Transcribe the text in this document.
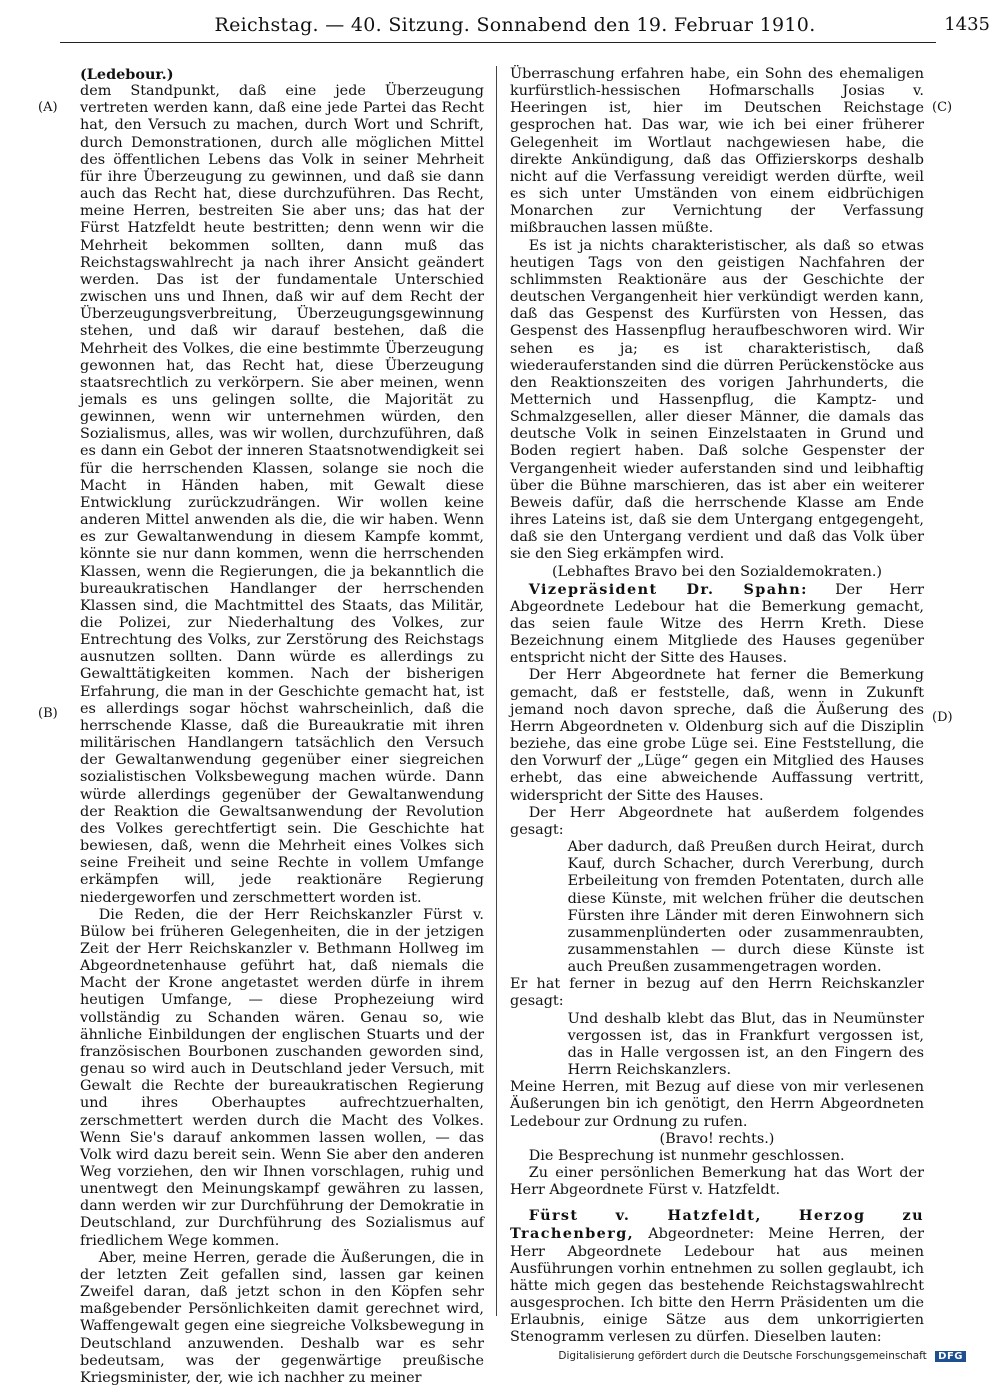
Reichstag. — 40. Sitzung. Sonnabend den 19. Februar 1910.	1435
(A)
(B)
(C)
(D)

(Ledebour.)

dem Standpunkt, daß eine jede Überzeugung vertreten werden kann, daß eine jede Partei das Recht hat, den Versuch zu machen, durch Wort und Schrift, durch Demonstrationen, durch alle möglichen Mittel des öffentlichen Lebens das Volk in seiner Mehrheit für ihre Überzeugung zu gewinnen, und daß sie dann auch das Recht hat, diese durchzuführen. Das Recht, meine Herren, bestreiten Sie aber uns; das hat der Fürst Hatzfeldt heute bestritten; denn wenn wir die Mehrheit bekommen sollten, dann muß das Reichstagswahlrecht ja nach ihrer Ansicht geändert werden. Das ist der fundamentale Unterschied zwischen uns und Ihnen, daß wir auf dem Recht der Überzeugungsverbreitung, Überzeugungsgewinnung stehen, und daß wir darauf bestehen, daß die Mehrheit des Volkes, die eine bestimmte Überzeugung gewonnen hat, das Recht hat, diese Überzeugung staatsrechtlich zu verkörpern. Sie aber meinen, wenn jemals es uns gelingen sollte, die Majorität zu gewinnen, wenn wir unternehmen würden, den Sozialismus, alles, was wir wollen, durchzuführen, daß es dann ein Gebot der inneren Staatsnotwendigkeit sei für die herrschenden Klassen, solange sie noch die Macht in Händen haben, mit Gewalt diese Entwicklung zurückzudrängen. Wir wollen keine anderen Mittel anwenden als die, die wir haben. Wenn es zur Gewaltanwendung in diesem Kampfe kommt, könnte sie nur dann kommen, wenn die herrschenden Klassen, wenn die Regierungen, die ja bekanntlich die bureaukratischen Handlanger der herrschenden Klassen sind, die Machtmittel des Staats, das Militär, die Polizei, zur Niederhaltung des Volkes, zur Entrechtung des Volks, zur Zerstörung des Reichstags ausnutzen sollten. Dann würde es allerdings zu Gewalttätigkeiten kommen. Nach der bisherigen Erfahrung, die man in der Geschichte gemacht hat, ist es allerdings sogar höchst wahrscheinlich, daß die herrschende Klasse, daß die Bureaukratie mit ihren militärischen Handlangern tatsächlich den Versuch der Gewaltanwendung gegenüber einer siegreichen sozialistischen Volksbewegung machen würde. Dann würde allerdings gegenüber der Gewaltanwendung der Reaktion die Gewaltsanwendung der Revolution des Volkes gerechtfertigt sein. Die Geschichte hat bewiesen, daß, wenn die Mehrheit eines Volkes sich seine Freiheit und seine Rechte in vollem Umfange erkämpfen will, jede reaktionäre Regierung niedergeworfen und zerschmettert worden ist.

Die Reden, die der Herr Reichskanzler Fürst v. Bülow bei früheren Gelegenheiten, die in der jetzigen Zeit der Herr Reichskanzler v. Bethmann Hollweg im Abgeordnetenhause geführt hat, daß niemals die Macht der Krone angetastet werden dürfe in ihrem heutigen Umfange, — diese Prophezeiung wird vollständig zu Schanden wären. Genau so, wie ähnliche Einbildungen der englischen Stuarts und der französischen Bourbonen zuschanden geworden sind, genau so wird auch in Deutschland jeder Versuch, mit Gewalt die Rechte der bureaukratischen Regierung und ihres Oberhauptes aufrechtzuerhalten, zerschmettert werden durch die Macht des Volkes. Wenn Sie's darauf ankommen lassen wollen, — das Volk wird dazu bereit sein. Wenn Sie aber den anderen Weg vorziehen, den wir Ihnen vorschlagen, ruhig und unentwegt den Meinungskampf gewähren zu lassen, dann werden wir zur Durchführung der Demokratie in Deutschland, zur Durchführung des Sozialismus auf friedlichem Wege kommen.

Aber, meine Herren, gerade die Äußerungen, die in der letzten Zeit gefallen sind, lassen gar keinen Zweifel daran, daß jetzt schon in den Köpfen sehr maßgebender Persönlichkeiten damit gerechnet wird, Waffengewalt gegen eine siegreiche Volksbewegung in Deutschland anzuwenden. Deshalb war es sehr bedeutsam, was der gegenwärtige preußische Kriegsminister, der, wie ich nachher zu meiner

Überraschung erfahren habe, ein Sohn des ehemaligen kurfürstlich-hessischen Hofmarschalls Josias v. Heeringen ist, hier im Deutschen Reichstage gesprochen hat. Das war, wie ich bei einer früherer Gelegenheit im Wortlaut nachgewiesen habe, die direkte Ankündigung, daß das Offizierskorps deshalb nicht auf die Verfassung vereidigt werden dürfte, weil es sich unter Umständen von einem eidbrüchigen Monarchen zur Vernichtung der Verfassung mißbrauchen lassen müßte.

Es ist ja nichts charakteristischer, als daß so etwas heutigen Tags von den geistigen Nachfahren der schlimmsten Reaktionäre aus der Geschichte der deutschen Vergangenheit hier verkündigt werden kann, daß das Gespenst des Kurfürsten von Hessen, das Gespenst des Hassenpflug heraufbeschworen wird. Wir sehen es ja; es ist charakteristisch, daß wiederauferstanden sind die dürren Perückenstöcke aus den Reaktionszeiten des vorigen Jahrhunderts, die Metternich und Hassenpflug, die Kamptz- und Schmalzgesellen, aller dieser Männer, die damals das deutsche Volk in seinen Einzelstaaten in Grund und Boden regiert haben. Daß solche Gespenster der Vergangenheit wieder auferstanden sind und leibhaftig über die Bühne marschieren, das ist aber ein weiterer Beweis dafür, daß die herrschende Klasse am Ende ihres Lateins ist, daß sie dem Untergang entgegengeht, daß sie den Untergang verdient und daß das Volk über sie den Sieg erkämpfen wird.

(Lebhaftes Bravo bei den Sozialdemokraten.)

Vizepräsident Dr. Spahn: Der Herr Abgeordnete Ledebour hat die Bemerkung gemacht, das seien faule Witze des Herrn Kreth. Diese Bezeichnung einem Mitgliede des Hauses gegenüber entspricht nicht der Sitte des Hauses.

Der Herr Abgeordnete hat ferner die Bemerkung gemacht, daß er feststelle, daß, wenn in Zukunft jemand noch davon spreche, daß die Äußerung des Herrn Abgeordneten v. Oldenburg sich auf die Disziplin beziehe, das eine grobe Lüge sei. Eine Feststellung, die den Vorwurf der „Lüge“ gegen ein Mitglied des Hauses erhebt, das eine abweichende Auffassung vertritt, widerspricht der Sitte des Hauses.

Der Herr Abgeordnete hat außerdem folgendes gesagt:

Aber dadurch, daß Preußen durch Heirat, durch Kauf, durch Schacher, durch Vererbung, durch Erbeileitung von fremden Potentaten, durch alle diese Künste, mit welchen früher die deutschen Fürsten ihre Länder mit deren Einwohnern sich zusammenplünderten oder zusammenraubten, zusammenstahlen — durch diese Künste ist auch Preußen zusammengetragen worden.

Er hat ferner in bezug auf den Herrn Reichskanzler gesagt:

Und deshalb klebt das Blut, das in Neumünster vergossen ist, das in Frankfurt vergossen ist, das in Halle vergossen ist, an den Fingern des Herrn Reichskanzlers.

Meine Herren, mit Bezug auf diese von mir verlesenen Äußerungen bin ich genötigt, den Herrn Abgeordneten Ledebour zur Ordnung zu rufen.

(Bravo! rechts.)

Die Besprechung ist nunmehr geschlossen.

Zu einer persönlichen Bemerkung hat das Wort der Herr Abgeordnete Fürst v. Hatzfeldt.

Fürst v. Hatzfeldt, Herzog zu Trachenberg, Abgeordneter: Meine Herren, der Herr Abgeordnete Ledebour hat aus meinen Ausführungen vorhin entnehmen zu sollen geglaubt, ich hätte mich gegen das bestehende Reichstagswahlrecht ausgesprochen. Ich bitte den Herrn Präsidenten um die Erlaubnis, einige Sätze aus dem unkorrigierten Stenogramm verlesen zu dürfen. Dieselben lauten:

Digitalisierung gefördert durch die Deutsche Forschungsgemeinschaft DFG
